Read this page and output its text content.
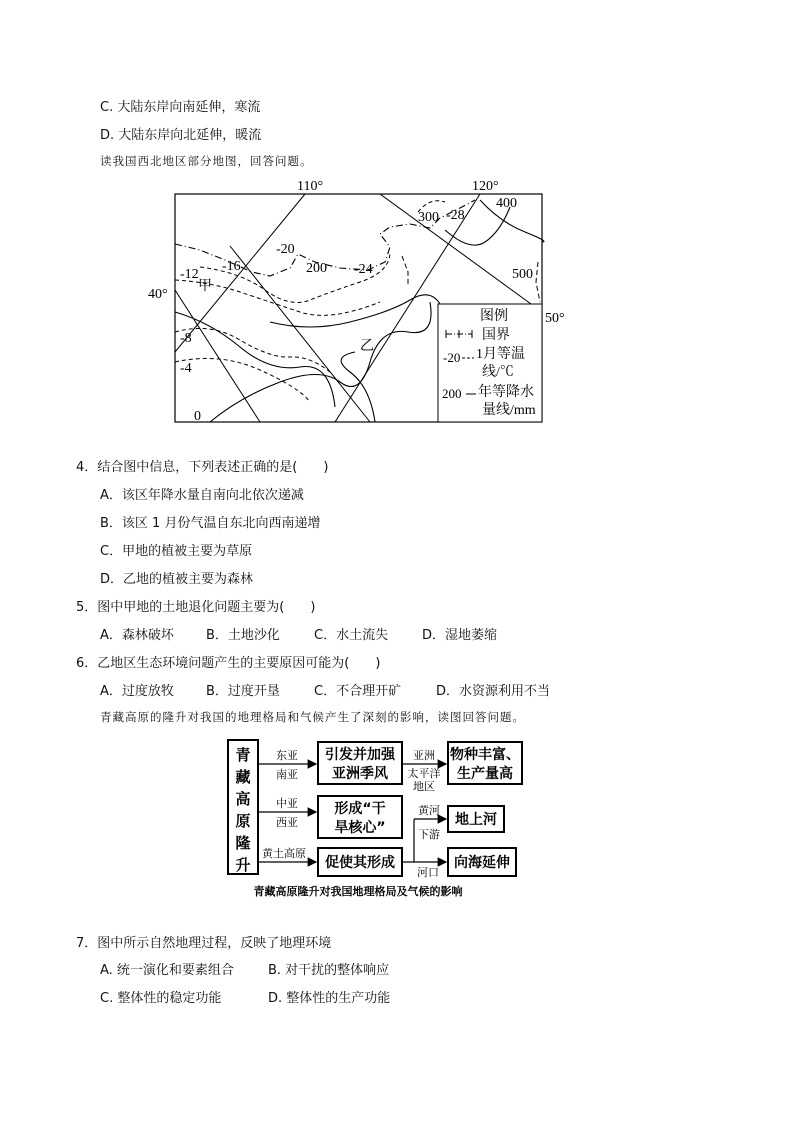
C. 大陆东岸向南延伸，寒流
D. 大陆东岸向北延伸，暖流
读我国西北地区部分地图，回答问题。
110°	120°
40°
50°
-12
-16
-20
-24
-28
-8
-4
0
200
300
400
500
甲
乙
图例
国界
-20 1月等温
线/℃
200 年等降水
量线/mm
4．结合图中信息，下列表述正确的是(　　)
A．该区年降水量自南向北依次递减
B．该区 1 月份气温自东北向西南递增
C．甲地的植被主要为草原
D．乙地的植被主要为森林
5．图中甲地的土地退化问题主要为(　　)
A．森林破坏 B．土地沙化	C．水土流失	D．湿地萎缩
6．乙地区生态环境问题产生的主要原因可能为(　　)
A．过度放牧 B．过度开垦	C．不合理开矿	D．水资源利用不当
青藏高原的隆升对我国的地理格局和气候产生了深刻的影响，读图回答问题。
青
藏
高
原
隆
升
东亚
南亚
引发并加强
亚洲季风
亚洲
太平洋
地区
物种丰富、
生产量高
中亚
西亚
形成“干
旱核心”
黄河
地上河
下游
黄土高原
促使其形成
河口
向海延伸
青藏高原隆升对我国地理格局及气候的影响
7．图中所示自然地理过程，反映了地理环境
A. 统一演化和要素组合	B. 对干扰的整体响应
C. 整体性的稳定功能	D. 整体性的生产功能
